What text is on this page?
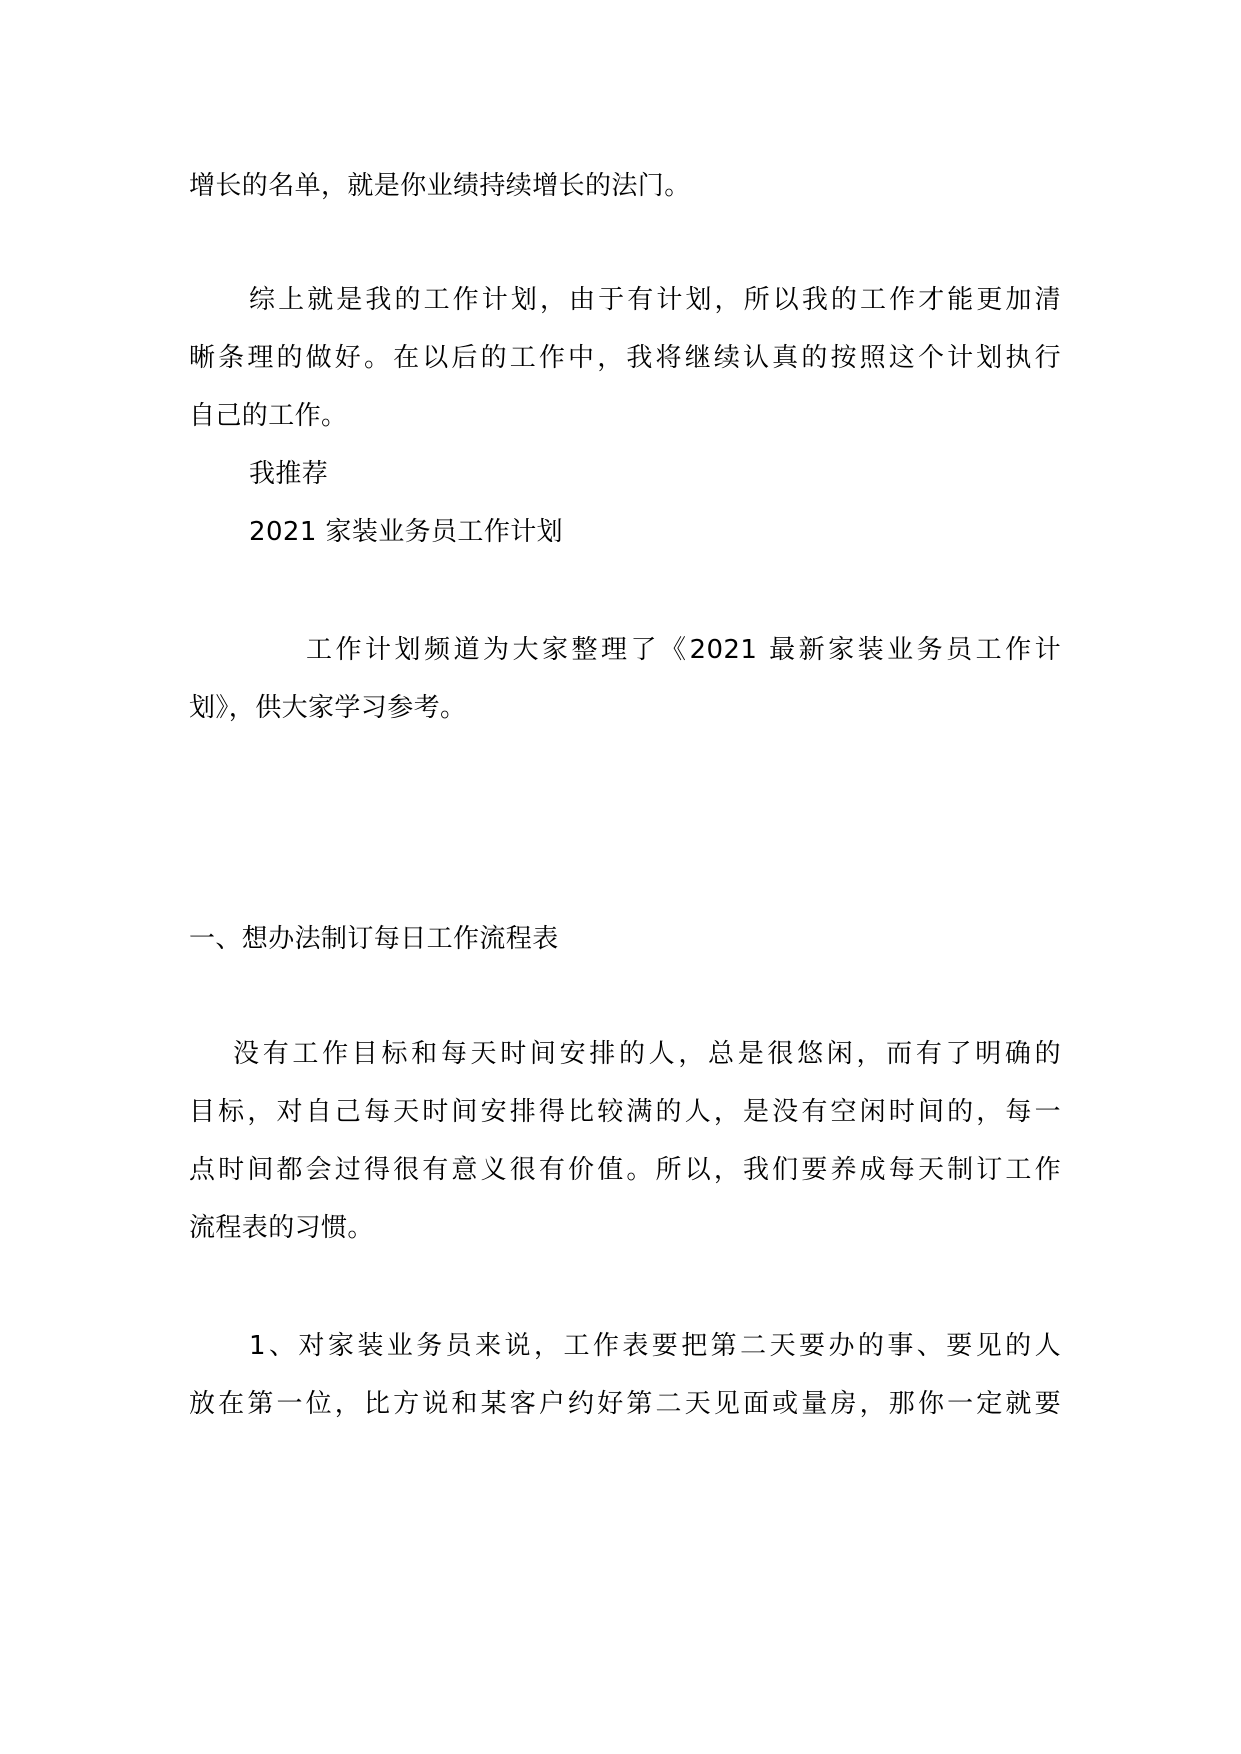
增长的名单，就是你业绩持续增长的法门。
综上就是我的工作计划，由于有计划，所以我的工作才能更加清
晰条理的做好。在以后的工作中，我将继续认真的按照这个计划执行
自己的工作。
我推荐
2021 家装业务员工作计划
工作计划频道为大家整理了《2021 最新家装业务员工作计
划》，供大家学习参考。
一、想办法制订每日工作流程表
没有工作目标和每天时间安排的人，总是很悠闲，而有了明确的
目标，对自己每天时间安排得比较满的人，是没有空闲时间的，每一
点时间都会过得很有意义很有价值。所以，我们要养成每天制订工作
流程表的习惯。
1、对家装业务员来说，工作表要把第二天要办的事、要见的人
放在第一位，比方说和某客户约好第二天见面或量房，那你一定就要
